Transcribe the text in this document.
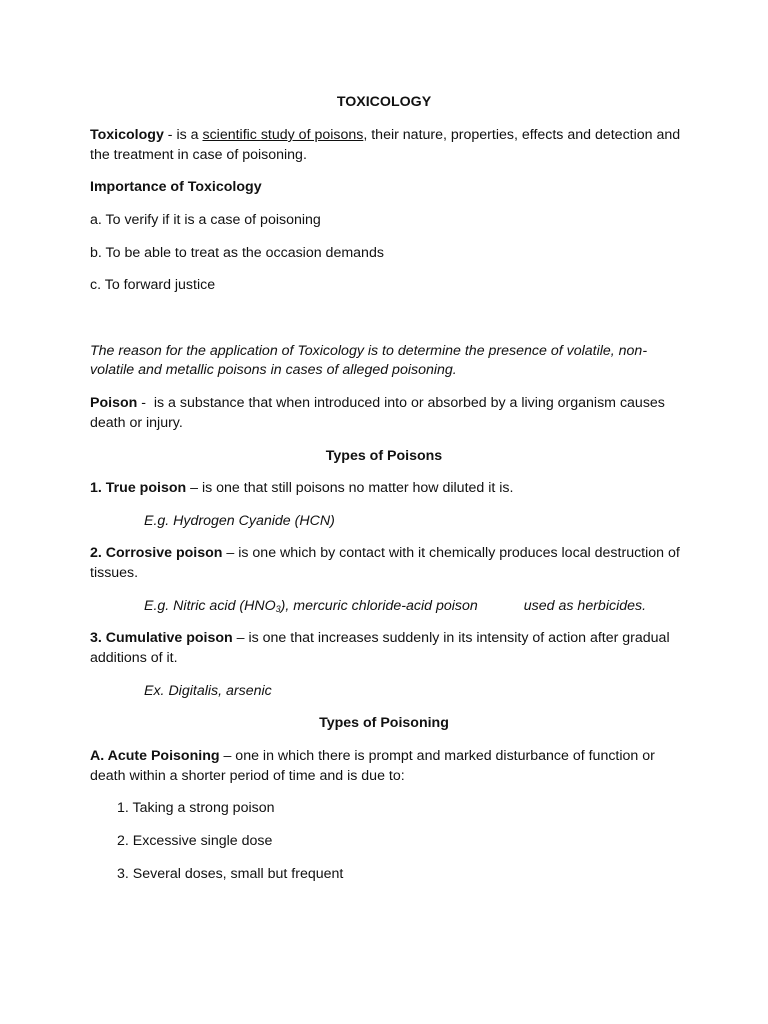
TOXICOLOGY
Toxicology - is a scientific study of poisons, their nature, properties, effects and detection and
the treatment in case of poisoning.
Importance of Toxicology
a. To verify if it is a case of poisoning
b. To be able to treat as the occasion demands
c. To forward justice
The reason for the application of Toxicology is to determine the presence of volatile, non-
volatile and metallic poisons in cases of alleged poisoning.
Poison -  is a substance that when introduced into or absorbed by a living organism causes
death or injury.
Types of Poisons
1. True poison – is one that still poisons no matter how diluted it is.
E.g. Hydrogen Cyanide (HCN)
2. Corrosive poison – is one which by contact with it chemically produces local destruction of
tissues.
E.g. Nitric acid $(HNO_3)$, mercuric chloride-acid poison	used as herbicides.
3. Cumulative poison – is one that increases suddenly in its intensity of action after gradual
additions of it.
Ex. Digitalis, arsenic
Types of Poisoning
A. Acute Poisoning – one in which there is prompt and marked disturbance of function or
death within a shorter period of time and is due to:
1. Taking a strong poison
2. Excessive single dose
3. Several doses, small but frequent
